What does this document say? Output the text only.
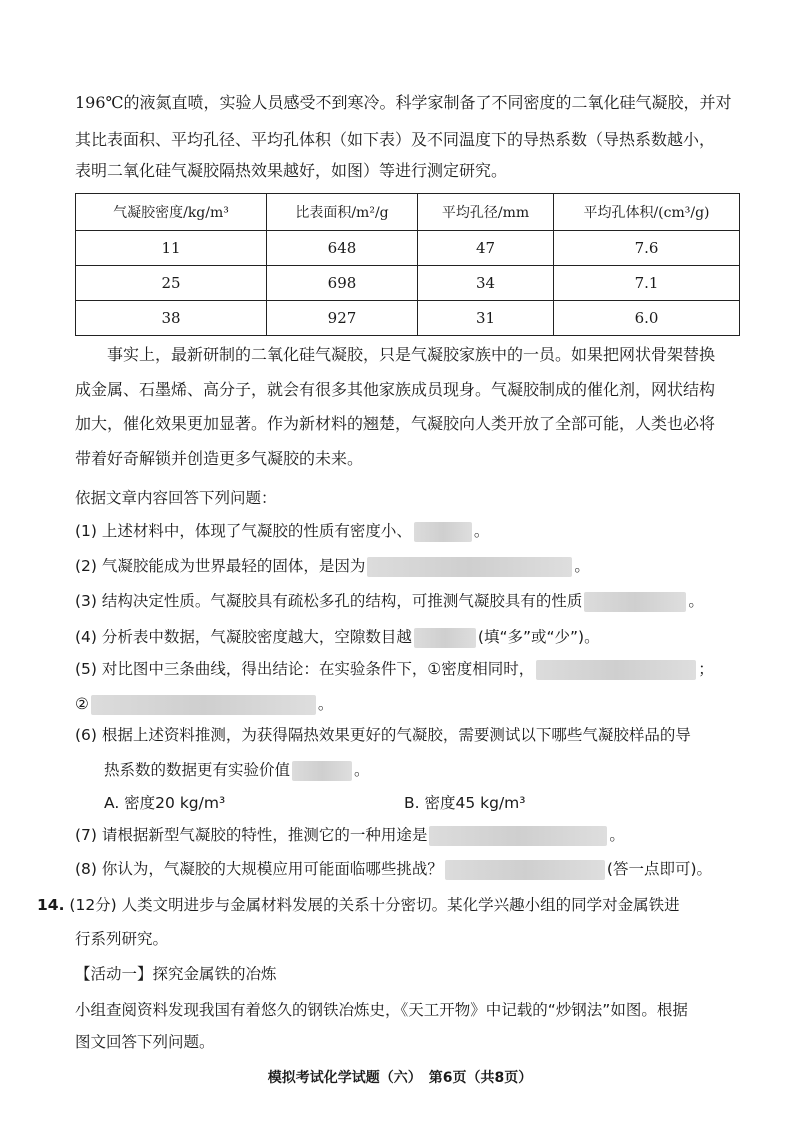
196℃的液氮直喷，实验人员感受不到寒冷。科学家制备了不同密度的二氧化硅气凝胶，并对

其比表面积、平均孔径、平均孔体积（如下表）及不同温度下的导热系数（导热系数越小，

表明二氧化硅气凝胶隔热效果越好，如图）等进行测定研究。

气凝胶密度/kg/m³	比表面积/m²/g	平均孔径/mm	平均孔体积/(cm³/g)
11	648	47	7.6
25	698	34	7.1
38	927	31	6.0

事实上，最新研制的二氧化硅气凝胶，只是气凝胶家族中的一员。如果把网状骨架替换

成金属、石墨烯、高分子，就会有很多其他家族成员现身。气凝胶制成的催化剂，网状结构

加大，催化效果更加显著。作为新材料的翘楚，气凝胶向人类开放了全部可能，人类也必将

带着好奇解锁并创造更多气凝胶的未来。

依据文章内容回答下列问题：
(1) 上述材料中，体现了气凝胶的性质有密度小、	。
(2) 气凝胶能成为世界最轻的固体，是因为	。
(3) 结构决定性质。气凝胶具有疏松多孔的结构，可推测气凝胶具有的性质	。
(4) 分析表中数据，气凝胶密度越大，空隙数目越	(填“多”或“少”)。
(5) 对比图中三条曲线，得出结论：在实验条件下，①密度相同时，	；
②	。
(6) 根据上述资料推测，为获得隔热效果更好的气凝胶，需要测试以下哪些气凝胶样品的导
热系数的数据更有实验价值	。
A. 密度20 kg/m³	B. 密度45 kg/m³
(7) 请根据新型气凝胶的特性，推测它的一种用途是	。
(8) 你认为，气凝胶的大规模应用可能面临哪些挑战？	(答一点即可)。
14. (12分) 人类文明进步与金属材料发展的关系十分密切。某化学兴趣小组的同学对金属铁进
行系列研究。
【活动一】探究金属铁的冶炼
小组查阅资料发现我国有着悠久的钢铁冶炼史，《天工开物》中记载的“炒钢法”如图。根据
图文回答下列问题。
模拟考试化学试题（六）　第6页（共8页）
